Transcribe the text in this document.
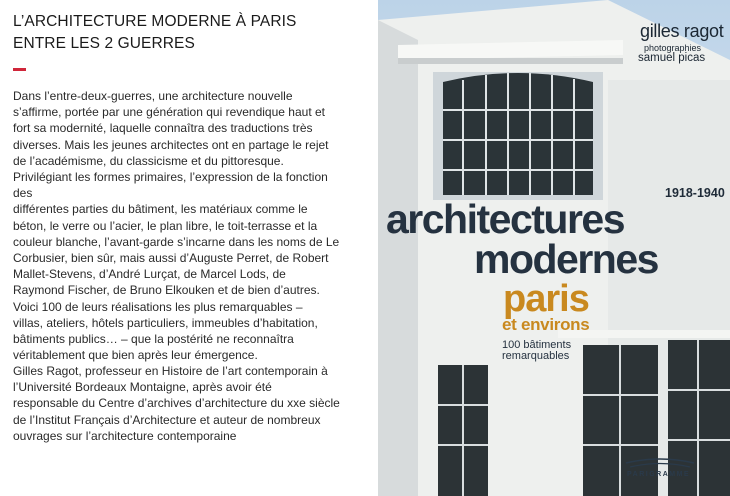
L’ARCHITECTURE MODERNE À PARIS
ENTRE LES 2 GUERRES
Dans l’entre-deux-guerres, une architecture nouvelle
s’affirme, portée par une génération qui revendique haut et
fort sa modernité, laquelle connaîtra des traductions très
diverses. Mais les jeunes architectes ont en partage le rejet
de l’académisme, du classicisme et du pittoresque.
Privilégiant les formes primaires, l’expression de la fonction
des
différentes parties du bâtiment, les matériaux comme le
béton, le verre ou l’acier, le plan libre, le toit-terrasse et la
couleur blanche, l’avant-garde s’incarne dans les noms de Le
Corbusier, bien sûr, mais aussi d’Auguste Perret, de Robert
Mallet-Stevens, d’André Lurçat, de Marcel Lods, de
Raymond Fischer, de Bruno Elkouken et de bien d’autres.
Voici 100 de leurs réalisations les plus remarquables –
villas, ateliers, hôtels particuliers, immeubles d’habitation,
bâtiments publics… – que la postérité ne reconnaîtra
véritablement que bien après leur émergence.
Gilles Ragot, professeur en Histoire de l’art contemporain à
l’Université Bordeaux Montaigne, après avoir été
responsable du Centre d’archives d’architecture du xxe siècle
de l’Institut Français d’Architecture et auteur de nombreux
ouvrages sur l’architecture contemporaine
gilles ragot
photographies
samuel picas
1918-1940
architectures
modernes
paris
et environs
100 bâtiments
remarquables
PARIGRAMME
